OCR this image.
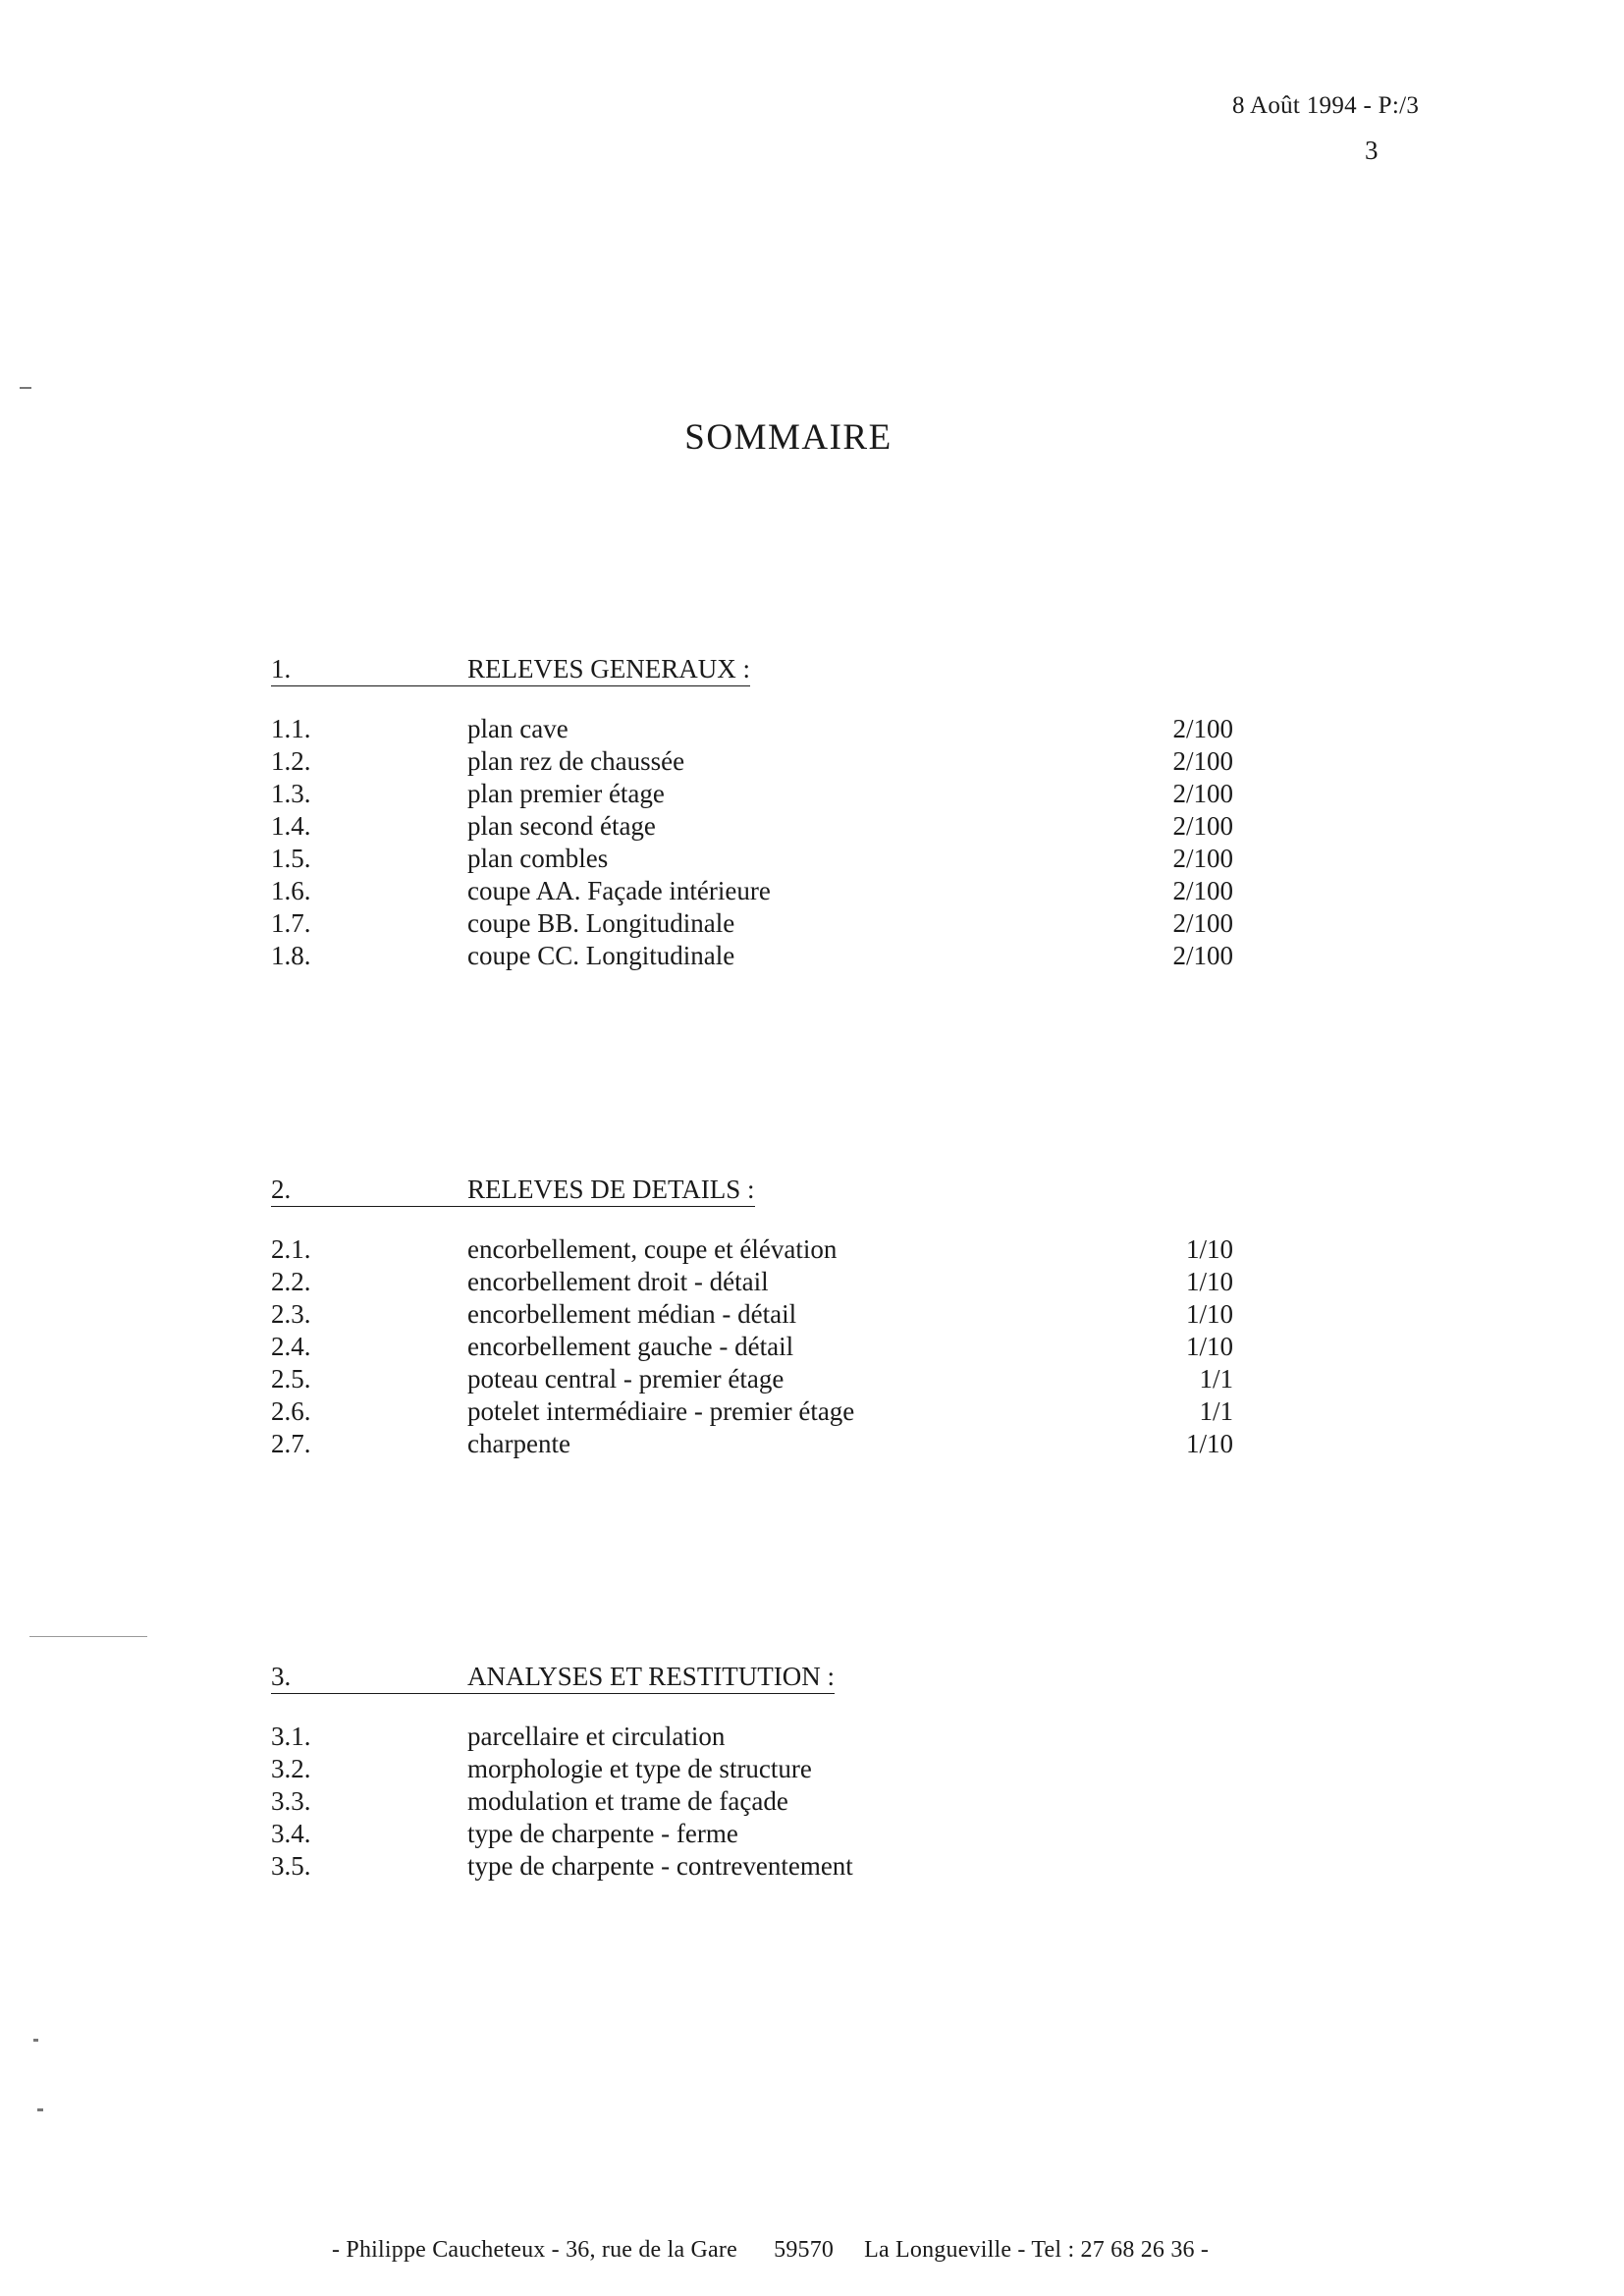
8 Août 1994 - P:/3
3
SOMMAIRE
1.	RELEVES GENERAUX :
1.1.	plan cave	2/100
1.2.	plan rez de chaussée	2/100
1.3.	plan premier étage	2/100
1.4.	plan second étage	2/100
1.5.	plan combles	2/100
1.6.	coupe AA. Façade intérieure	2/100
1.7.	coupe BB. Longitudinale	2/100
1.8.	coupe CC. Longitudinale	2/100
2.	RELEVES DE DETAILS :
2.1.	encorbellement, coupe et élévation	1/10
2.2.	encorbellement droit - détail	1/10
2.3.	encorbellement médian - détail	1/10
2.4.	encorbellement gauche - détail	1/10
2.5.	poteau central - premier étage	1/1
2.6.	potelet intermédiaire - premier étage	1/1
2.7.	charpente	1/10
3.	ANALYSES ET RESTITUTION :
3.1.	parcellaire et circulation
3.2.	morphologie et type de structure
3.3.	modulation et trame de façade
3.4.	type de charpente - ferme
3.5.	type de charpente - contreventement
- Philippe Caucheteux - 36, rue de la Gare      59570     La Longueville - Tel : 27 68 26 36 -
